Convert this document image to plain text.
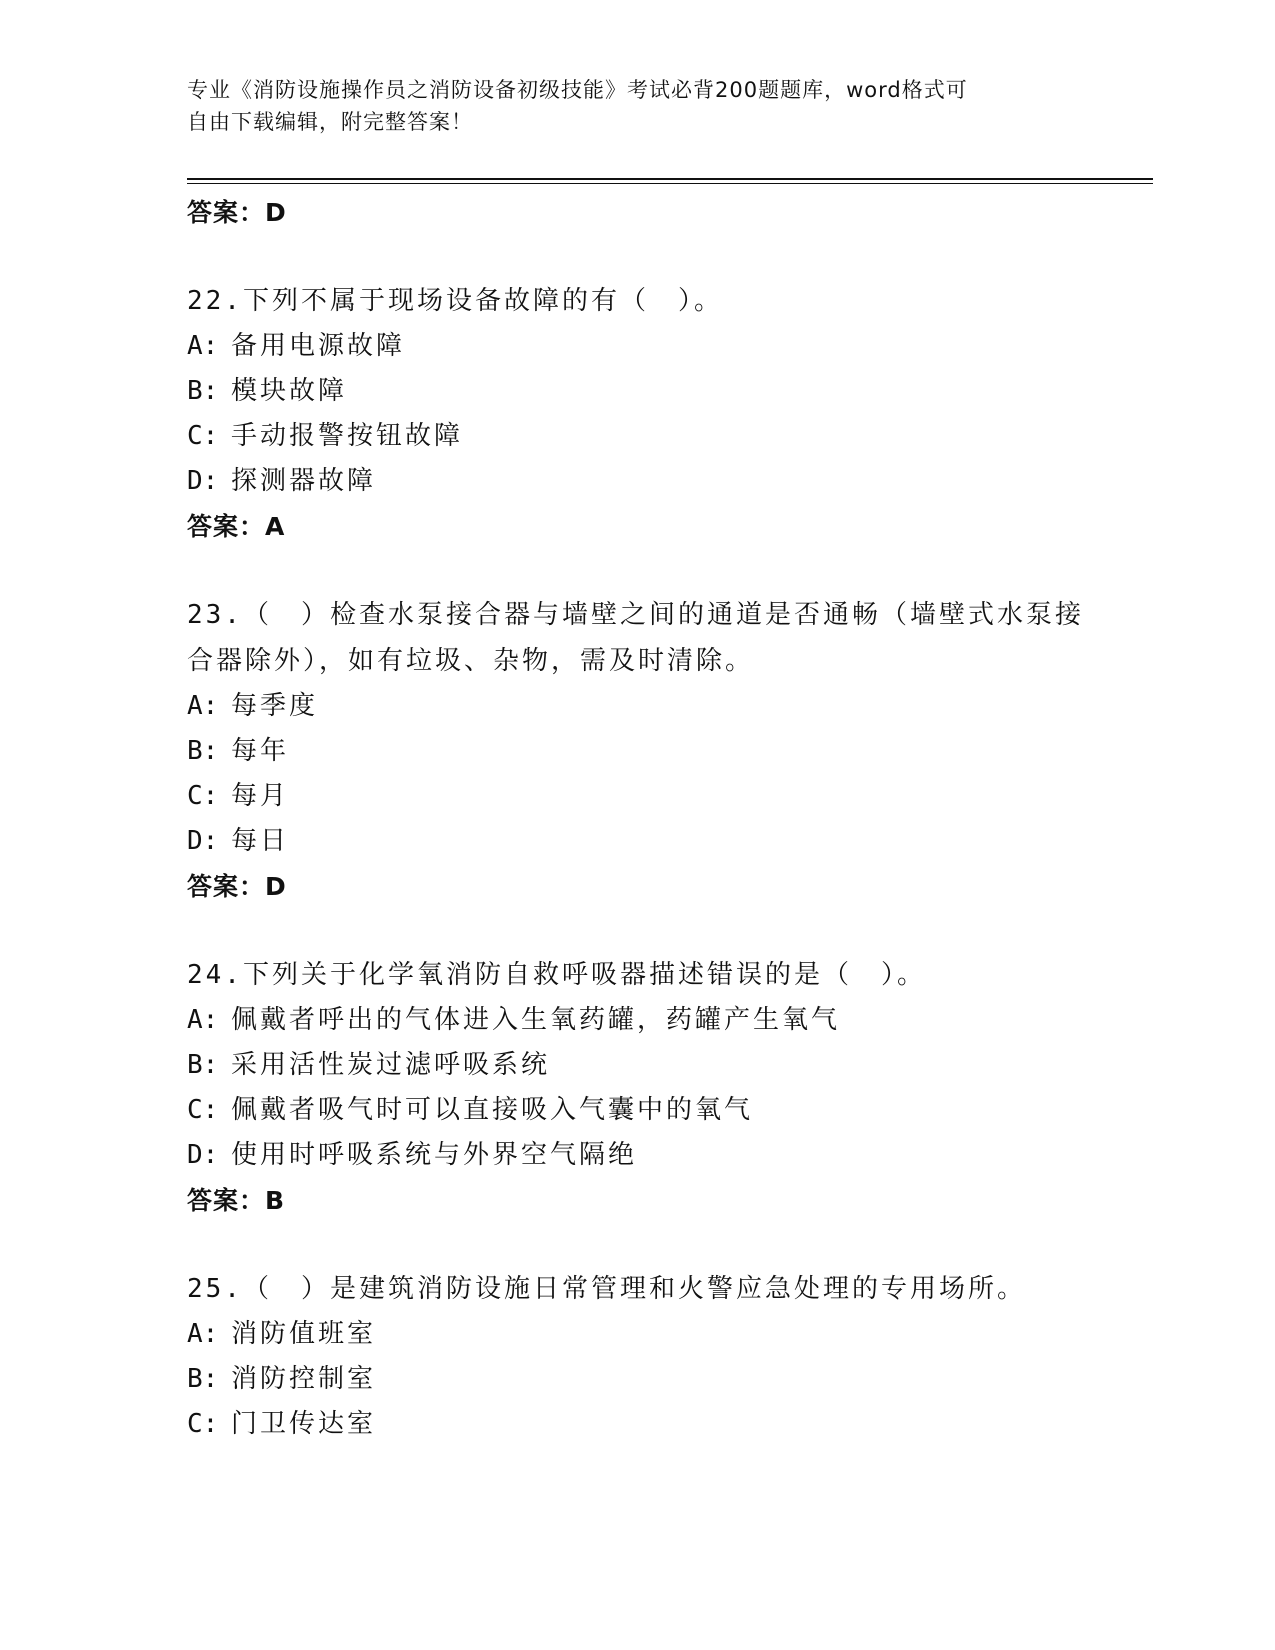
专业《消防设施操作员之消防设备初级技能》考试必背200题题库，word格式可
自由下载编辑，附完整答案！
答案：D
22.下列不属于现场设备故障的有（　）。
A: 备用电源故障
B: 模块故障
C: 手动报警按钮故障
D: 探测器故障
答案：A
23.（　）检查水泵接合器与墙壁之间的通道是否通畅（墙壁式水泵接合器除外），如有垃圾、杂物，需及时清除。
A: 每季度
B: 每年
C: 每月
D: 每日
答案：D
24.下列关于化学氧消防自救呼吸器描述错误的是（　）。
A: 佩戴者呼出的气体进入生氧药罐，药罐产生氧气
B: 采用活性炭过滤呼吸系统
C: 佩戴者吸气时可以直接吸入气囊中的氧气
D: 使用时呼吸系统与外界空气隔绝
答案：B
25.（　）是建筑消防设施日常管理和火警应急处理的专用场所。
A: 消防值班室
B: 消防控制室
C: 门卫传达室
